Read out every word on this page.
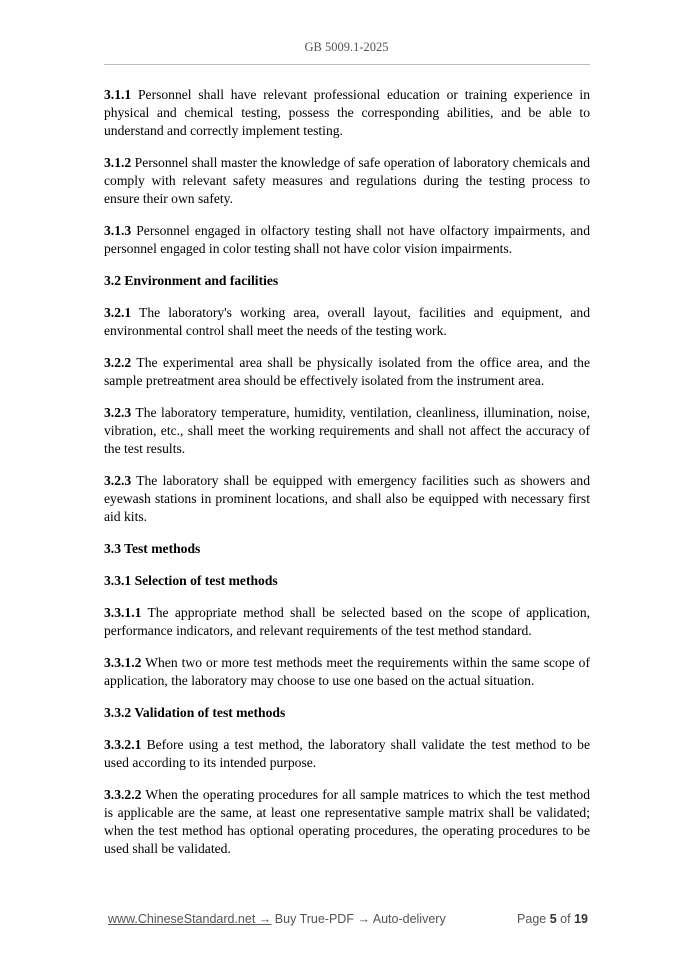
GB 5009.1-2025

3.1.1 Personnel shall have relevant professional education or training experience in physical and chemical testing, possess the corresponding abilities, and be able to understand and correctly implement testing.

3.1.2 Personnel shall master the knowledge of safe operation of laboratory chemicals and comply with relevant safety measures and regulations during the testing process to ensure their own safety.

3.1.3 Personnel engaged in olfactory testing shall not have olfactory impairments, and personnel engaged in color testing shall not have color vision impairments.

3.2 Environment and facilities

3.2.1 The laboratory's working area, overall layout, facilities and equipment, and environmental control shall meet the needs of the testing work.

3.2.2 The experimental area shall be physically isolated from the office area, and the sample pretreatment area should be effectively isolated from the instrument area.

3.2.3 The laboratory temperature, humidity, ventilation, cleanliness, illumination, noise, vibration, etc., shall meet the working requirements and shall not affect the accuracy of the test results.

3.2.3 The laboratory shall be equipped with emergency facilities such as showers and eyewash stations in prominent locations, and shall also be equipped with necessary first aid kits.

3.3 Test methods

3.3.1 Selection of test methods

3.3.1.1 The appropriate method shall be selected based on the scope of application, performance indicators, and relevant requirements of the test method standard.

3.3.1.2 When two or more test methods meet the requirements within the same scope of application, the laboratory may choose to use one based on the actual situation.

3.3.2 Validation of test methods

3.3.2.1 Before using a test method, the laboratory shall validate the test method to be used according to its intended purpose.

3.3.2.2 When the operating procedures for all sample matrices to which the test method is applicable are the same, at least one representative sample matrix shall be validated; when the test method has optional operating procedures, the operating procedures to be used shall be validated.

www.ChineseStandard.net → Buy True-PDF → Auto-delivery	Page 5 of 19
